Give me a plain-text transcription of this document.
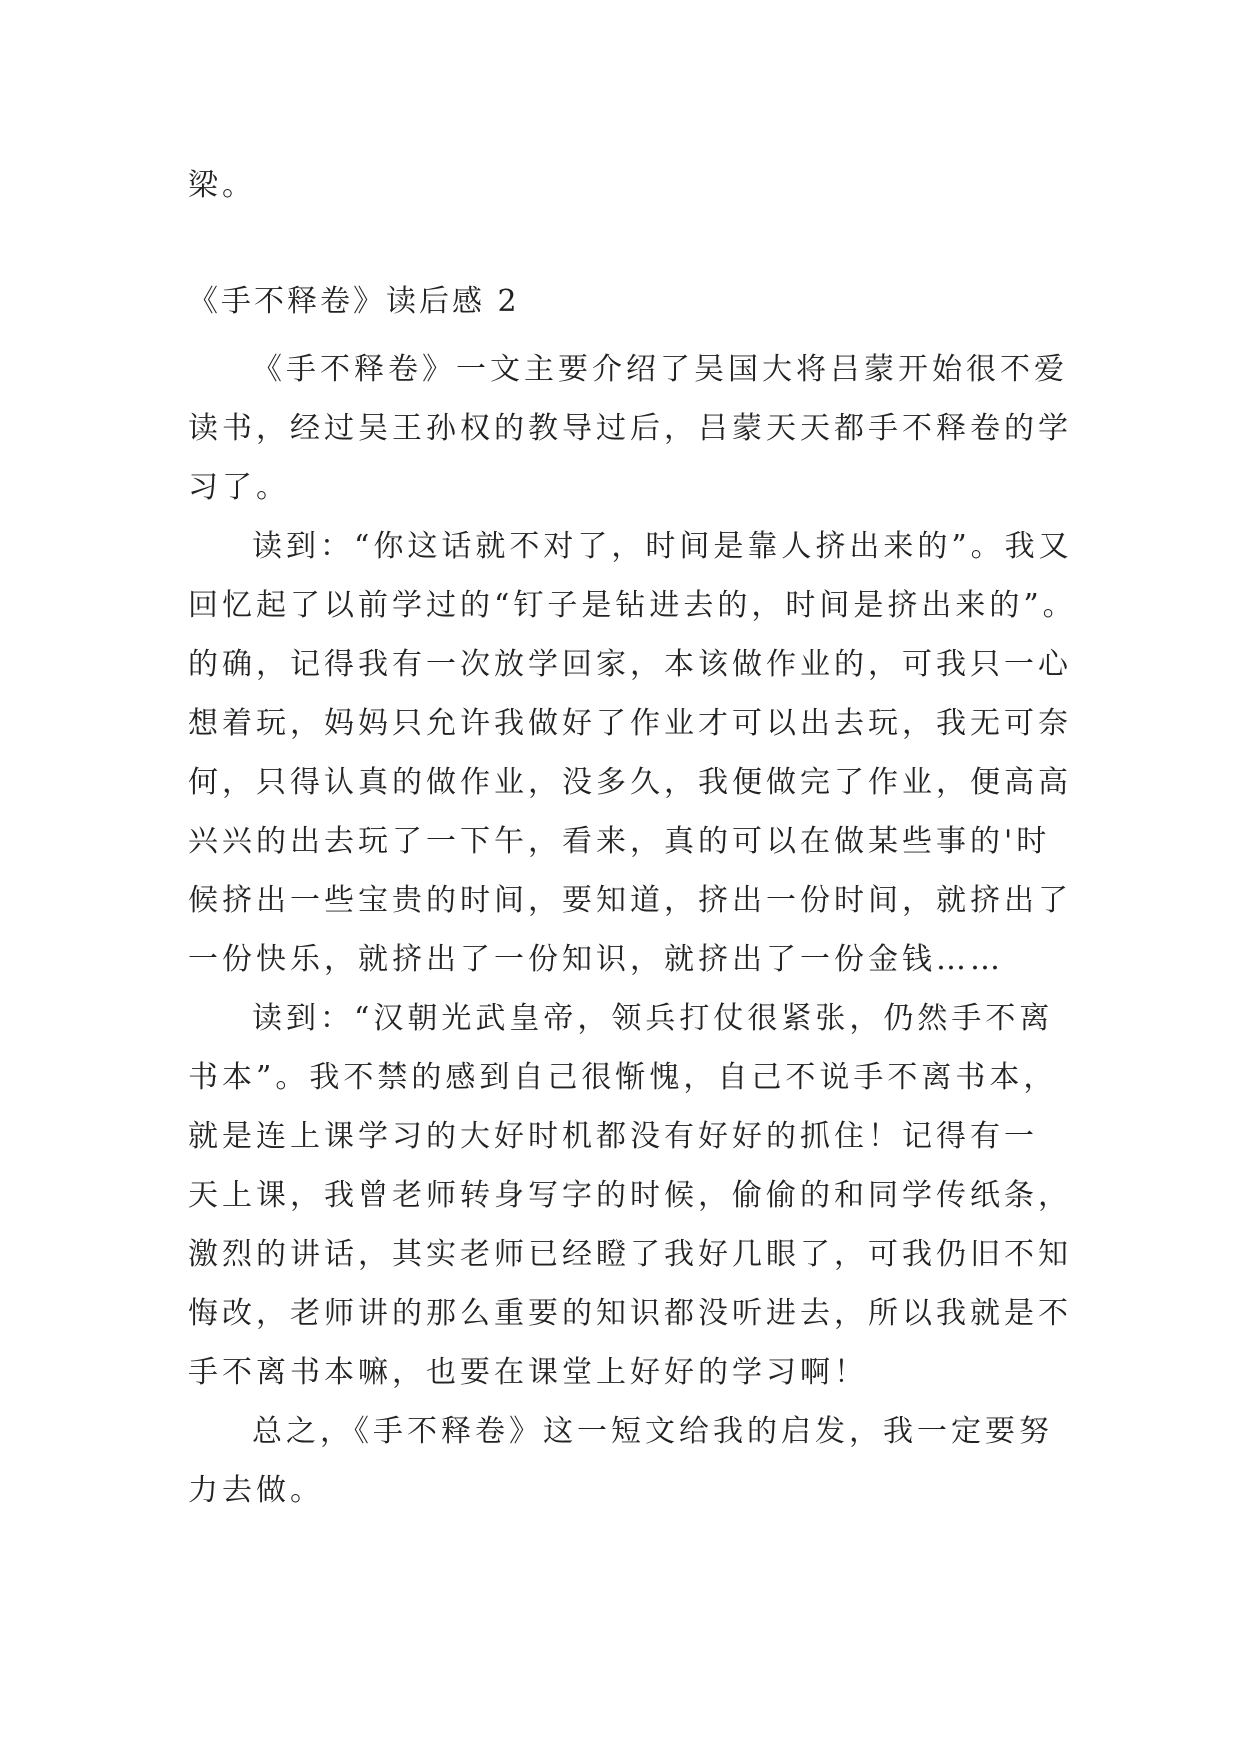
梁。
《手不释卷》读后感 2
《手不释卷》一文主要介绍了吴国大将吕蒙开始很不爱
读书，经过吴王孙权的教导过后，吕蒙天天都手不释卷的学
习了。
读到：“你这话就不对了，时间是靠人挤出来的”。我又
回忆起了以前学过的“钉子是钻进去的，时间是挤出来的”。
的确，记得我有一次放学回家，本该做作业的，可我只一心
想着玩，妈妈只允许我做好了作业才可以出去玩，我无可奈
何，只得认真的做作业，没多久，我便做完了作业，便高高
兴兴的出去玩了一下午，看来，真的可以在做某些事的'时
候挤出一些宝贵的时间，要知道，挤出一份时间，就挤出了
一份快乐，就挤出了一份知识，就挤出了一份金钱……
读到：“汉朝光武皇帝，领兵打仗很紧张，仍然手不离
书本”。我不禁的感到自己很惭愧，自己不说手不离书本，
就是连上课学习的大好时机都没有好好的抓住！记得有一
天上课，我曾老师转身写字的时候，偷偷的和同学传纸条，
激烈的讲话，其实老师已经瞪了我好几眼了，可我仍旧不知
悔改，老师讲的那么重要的知识都没听进去，所以我就是不
手不离书本嘛，也要在课堂上好好的学习啊！
总之，《手不释卷》这一短文给我的启发，我一定要努
力去做。
